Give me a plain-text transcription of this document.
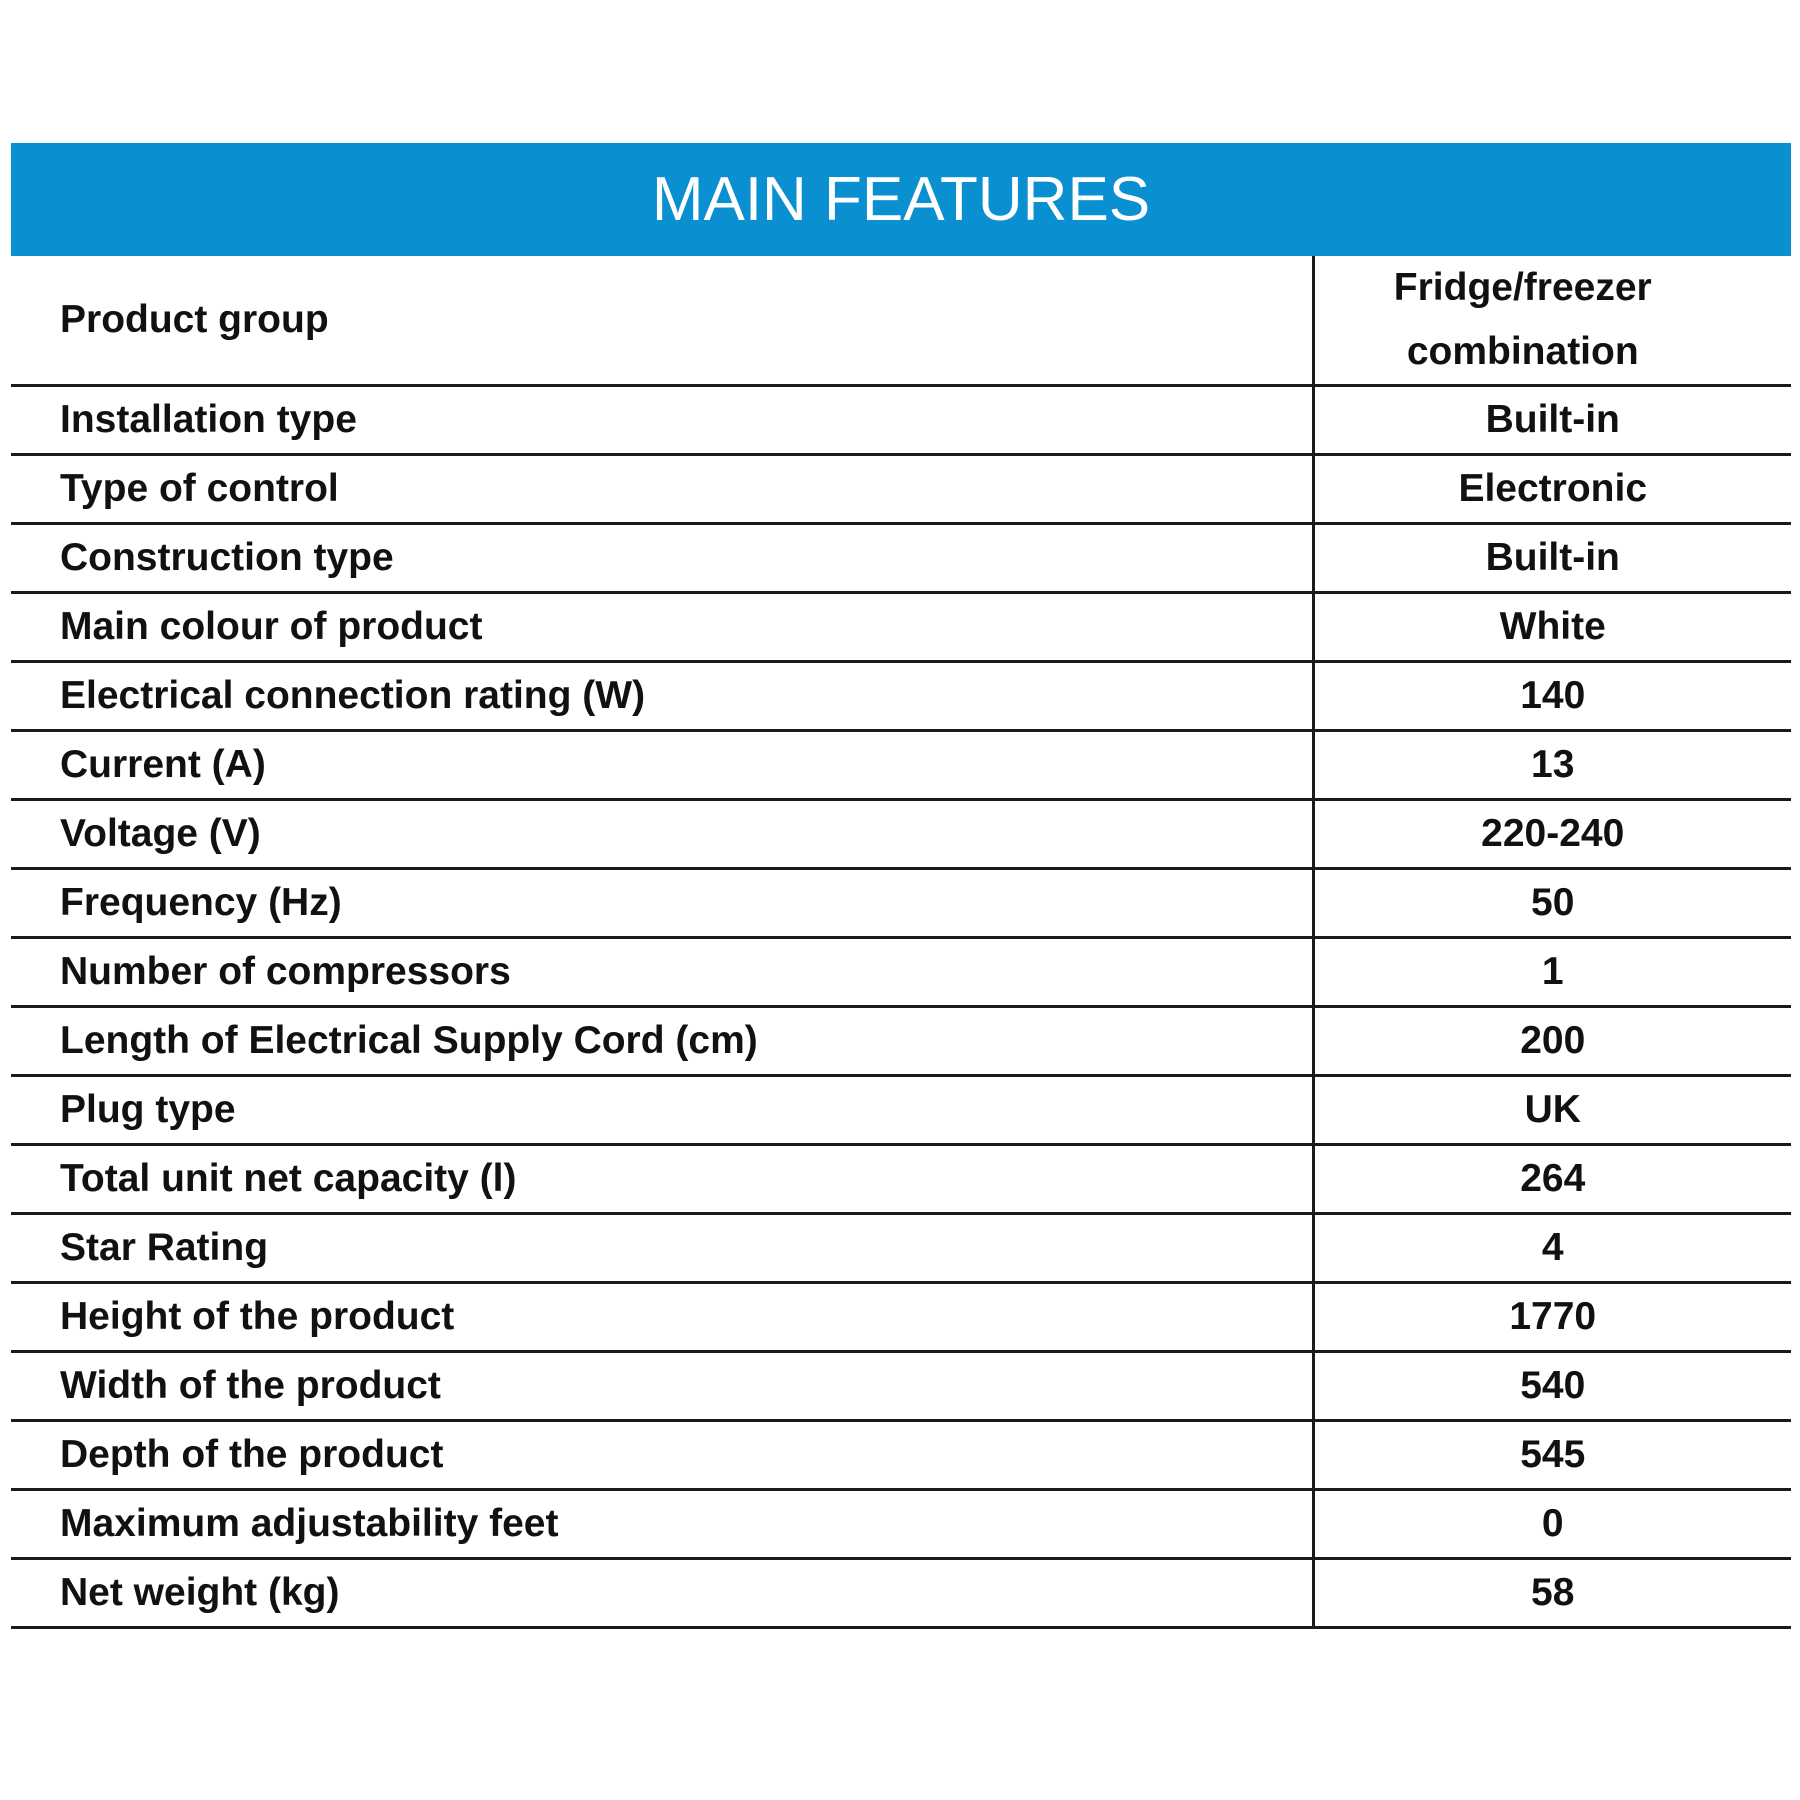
MAIN FEATURES
Product group	Fridge/freezer
combination
Installation type	Built-in
Type of control	Electronic
Construction type	Built-in
Main colour of product	White
Electrical connection rating (W)	140
Current (A)	13
Voltage (V)	220-240
Frequency (Hz)	50
Number of compressors	1
Length of Electrical Supply Cord (cm)	200
Plug type	UK
Total unit net capacity (l)	264
Star Rating	4
Height of the product	1770
Width of the product	540
Depth of the product	545
Maximum adjustability feet	0
Net weight (kg)	58
